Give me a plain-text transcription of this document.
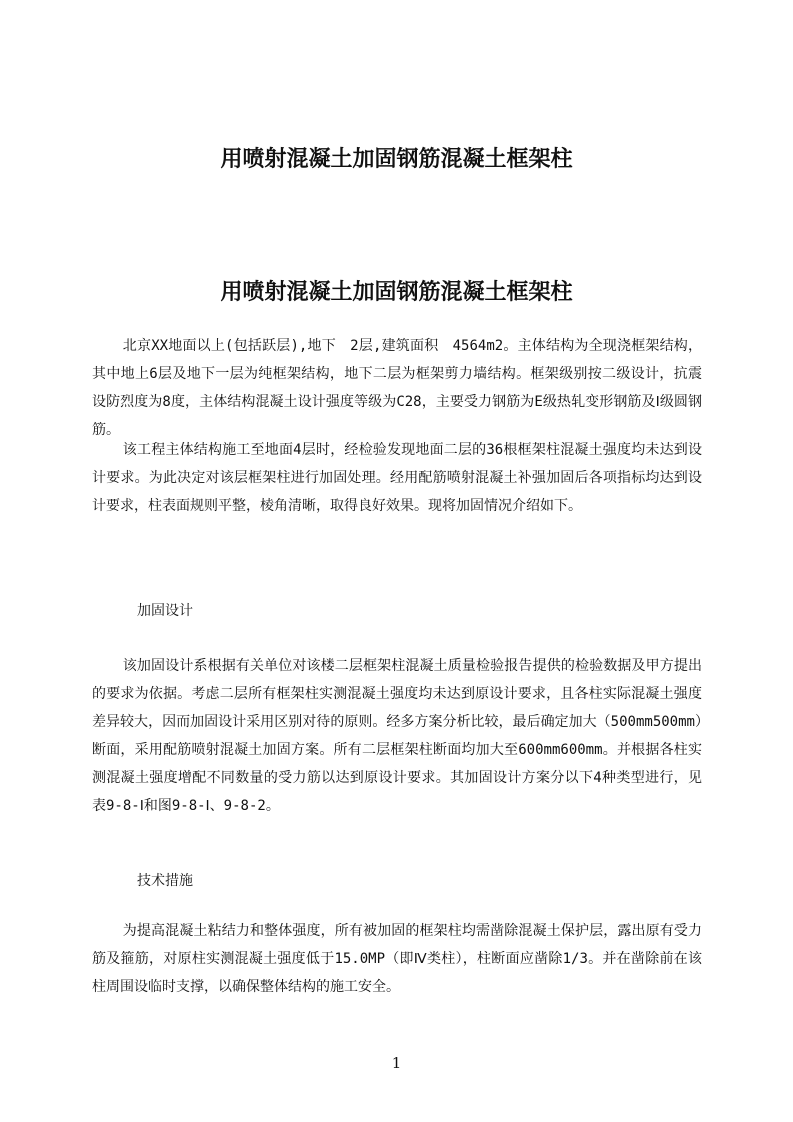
用喷射混凝土加固钢筋混凝土框架柱
用喷射混凝土加固钢筋混凝土框架柱

北京XX地面以上(包括跃层),地下　2层,建筑面积　4564m2。主体结构为全现浇框架结构，其中地上6层及地下一层为纯框架结构，地下二层为框架剪力墙结构。框架级别按二级设计，抗震设防烈度为8度，主体结构混凝土设计强度等级为C28，主要受力钢筋为E级热轧变形钢筋及Ⅰ级圆钢筋。

该工程主体结构施工至地面4层时，经检验发现地面二层的36根框架柱混凝土强度均未达到设计要求。为此决定对该层框架柱进行加固处理。经用配筋喷射混凝土补强加固后各项指标均达到设计要求，柱表面规则平整，棱角清晰，取得良好效果。现将加固情况介绍如下。

加固设计

该加固设计系根据有关单位对该楼二层框架柱混凝土质量检验报告提供的检验数据及甲方提出的要求为依据。考虑二层所有框架柱实测混凝土强度均未达到原设计要求，且各柱实际混凝土强度差异较大，因而加固设计采用区别对待的原则。经多方案分析比较，最后确定加大（500mm500mm）断面，采用配筋喷射混凝土加固方案。所有二层框架柱断面均加大至600mm600mm。并根据各柱实测混凝土强度增配不同数量的受力筋以达到原设计要求。其加固设计方案分以下4种类型进行，见表9-8-Ⅰ和图9-8-Ⅰ、9-8-2。

技术措施

为提高混凝土粘结力和整体强度，所有被加固的框架柱均需凿除混凝土保护层，露出原有受力筋及箍筋，对原柱实测混凝土强度低于15.0MP（即Ⅳ类柱），柱断面应凿除1/3。并在凿除前在该柱周围设临时支撑，以确保整体结构的施工安全。

1
